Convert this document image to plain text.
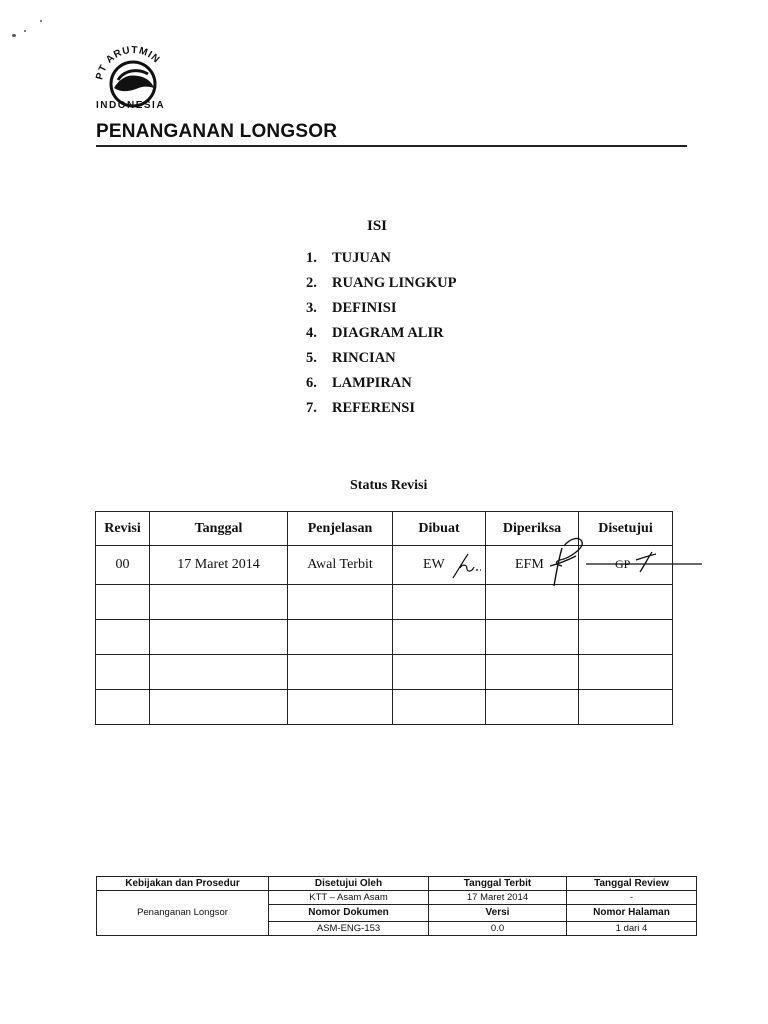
PT ARUTMIN
INDONESIA
PENANGANAN LONGSOR
ISI
1.	TUJUAN
2.	RUANG LINGKUP
3.	DEFINISI
4.	DIAGRAM ALIR
5.	RINCIAN
6.	LAMPIRAN
7.	REFERENSI
Status Revisi
Revisi	Tanggal	Penjelasan	Dibuat	Diperiksa	Disetujui
00	17 Maret 2014	Awal Terbit	EW	EFM	GP

Kebijakan dan Prosedur	Disetujui Oleh	Tanggal Terbit	Tanggal Review
Penanganan Longsor	KTT – Asam Asam	17 Maret 2014	-
	Nomor Dokumen	Versi	Nomor Halaman
	ASM-ENG-153	0.0	1 dari 4
